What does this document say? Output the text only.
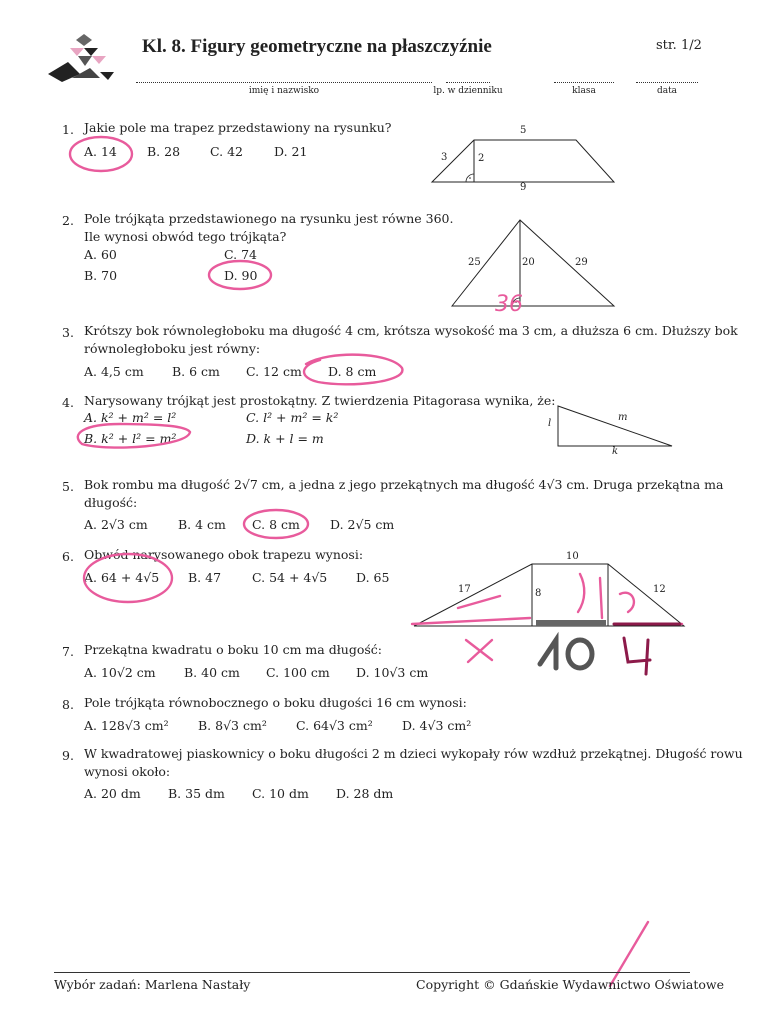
Kl. 8. Figury geometryczne na płaszczyźnie	str. 1/2
imię i nazwisko	lp. w dzienniku	klasa	data
1. Jakie pole ma trapez przedstawiony na rysunku?
A. 14 B. 28 C. 42 D. 21
5
9
3	2
2. Pole trójkąta przedstawionego na rysunku jest równe 360.
Ile wynosi obwód tego trójkąta?
A. 60	C. 74
B. 70	D. 90
25	20	29
3. Krótszy bok równoległoboku ma długość 4 cm, krótsza wysokość ma 3 cm, a dłuższa 6 cm. Dłuższy bok
równoległoboku jest równy:
A. 4,5 cm B. 6 cm C. 12 cm D. 8 cm
4. Narysowany trójkąt jest prostokątny. Z twierdzenia Pitagorasa wynika, że:
A. k² + m² = l²	C. l² + m² = k²
B. k² + l² = m²	D. k + l = m
l
m
k
5. Bok rombu ma długość 2√7 cm, a jedna z jego przekątnych ma długość 4√3 cm. Druga przekątna ma
długość:
A. 2√3 cm B. 4 cm C. 8 cm D. 2√5 cm
6. Obwód narysowanego obok trapezu wynosi:
A. 64 + 4√5 B. 47 C. 54 + 4√5 D. 65
10
17	8	12
7. Przekątna kwadratu o boku 10 cm ma długość:
A. 10√2 cm B. 40 cm C. 100 cm D. 10√3 cm
8. Pole trójkąta równobocznego o boku długości 16 cm wynosi:
A. 128√3 cm² B. 8√3 cm² C. 64√3 cm² D. 4√3 cm²
9. W kwadratowej piaskownicy o boku długości 2 m dzieci wykopały rów wzdłuż przekątnej. Długość rowu
wynosi około:
A. 20 dm B. 35 dm C. 10 dm D. 28 dm
36
Wybór zadań: Marlena Nastały	Copyright © Gdańskie Wydawnictwo Oświatowe
